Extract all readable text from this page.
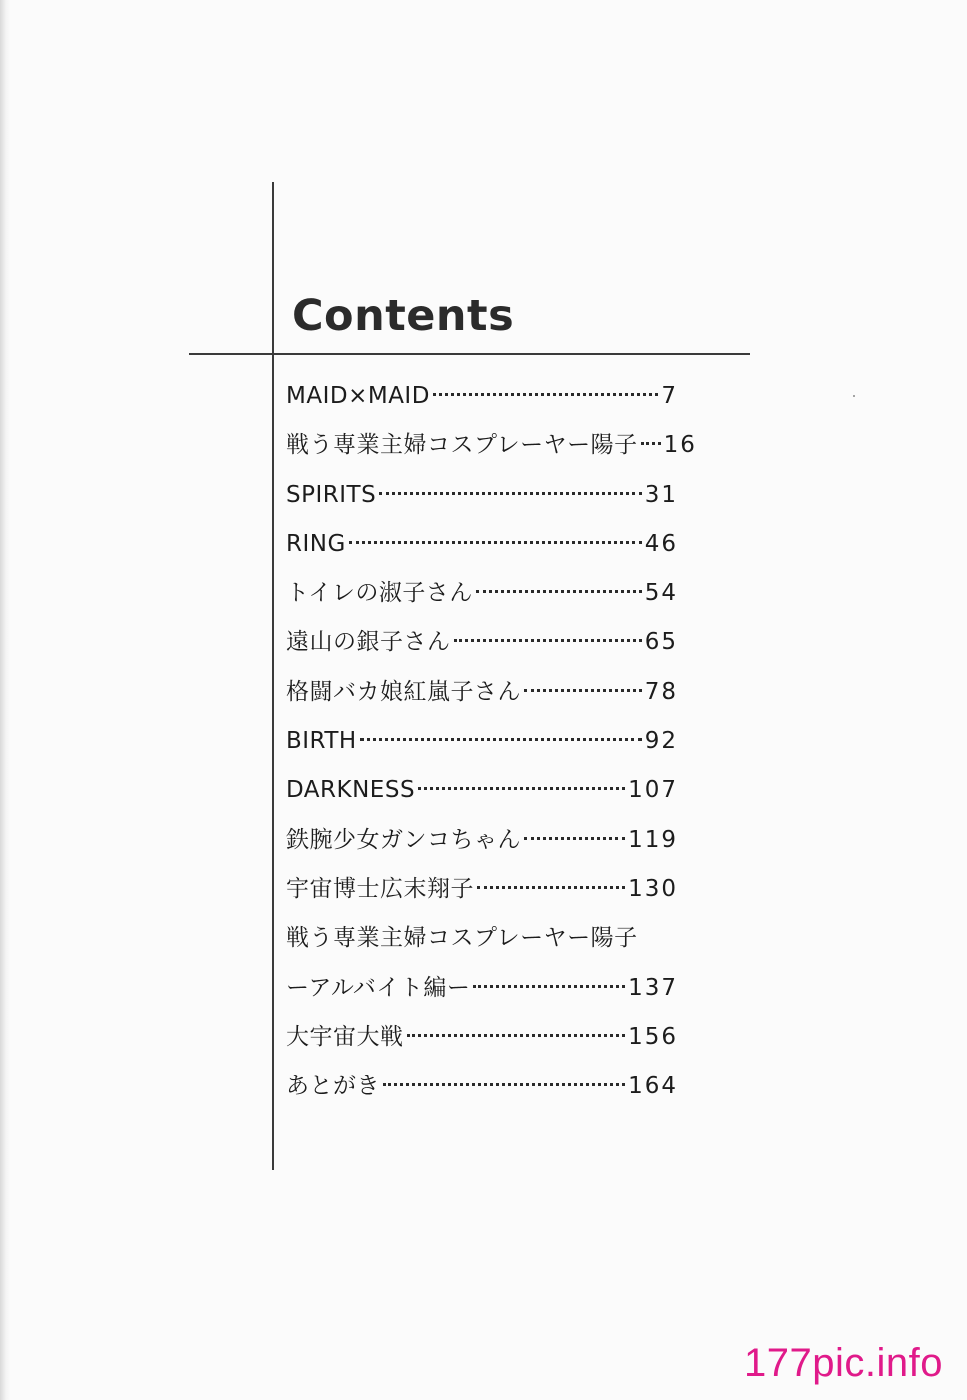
Contents
MAID×MAID	7
戦う専業主婦コスプレーヤー陽子 16
SPIRITS	31
RING	46
トイレの淑子さん	54
遠山の銀子さん	65
格闘バカ娘紅嵐子さん	78
BIRTH	92
DARKNESS	107
鉄腕少女ガンコちゃん	119
宇宙博士広末翔子	130
戦う専業主婦コスプレーヤー陽子
ーアルバイト編ー	137
大宇宙大戦	156
あとがき	164
177pic.info
